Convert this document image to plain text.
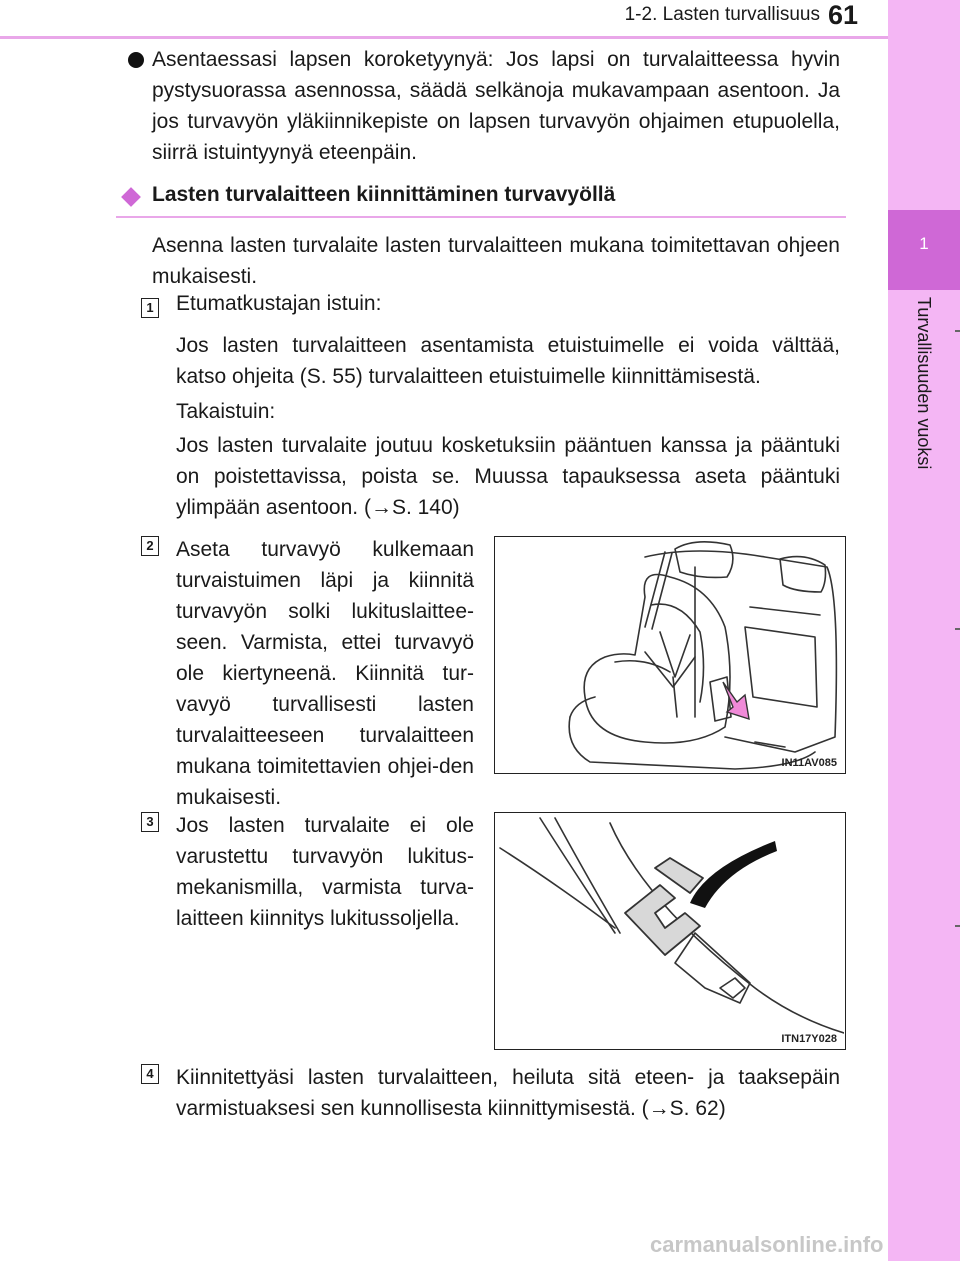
1-2. Lasten turvallisuus 61
1
Turvallisuuden vuoksi

Asentaessasi lapsen koroketyynyä: Jos lapsi on turvalaitteessa hyvin pystysuorassa asennossa, säädä selkänoja mukavampaan asentoon. Ja jos turvavyön yläkiinnikepiste on lapsen turvavyön ohjaimen etupuolella, siirrä istuintyynyä eteenpäin.

Lasten turvalaitteen kiinnittäminen turvavyöllä

Asenna lasten turvalaite lasten turvalaitteen mukana toimitettavan ohjeen mukaisesti.

1 Etumatkustajan istuin:

Jos lasten turvalaitteen asentamista etuistuimelle ei voida välttää, katso ohjeita (S. 55) turvalaitteen etuistuimelle kiinnittämisestä.

Takaistuin:

Jos lasten turvalaite joutuu kosketuksiin pääntuen kanssa ja pääntuki on poistettavissa, poista se. Muussa tapauksessa aseta pääntuki ylimpään asentoon. (→S. 140)

2 Aseta turvavyö kulkemaan turvaistuimen läpi ja kiinnitä turvavyön solki lukituslaittee-seen. Varmista, ettei turvavyö ole kiertyneenä. Kiinnitä tur-vavyö turvallisesti lasten turvalaitteeseen turvalaitteen mukana toimitettavien ohjei-den mukaisesti.

IN11AV085
3 Jos lasten turvalaite ei ole varustettu turvavyön lukitus-mekanismilla, varmista turva-laitteen kiinnitys lukitussoljella.

ITN17Y028
4 Kiinnitettyäsi lasten turvalaitteen, heiluta sitä eteen- ja taaksepäin varmistuaksesi sen kunnollisesta kiinnittymisestä. (→S. 62)

carmanualsonline.info
